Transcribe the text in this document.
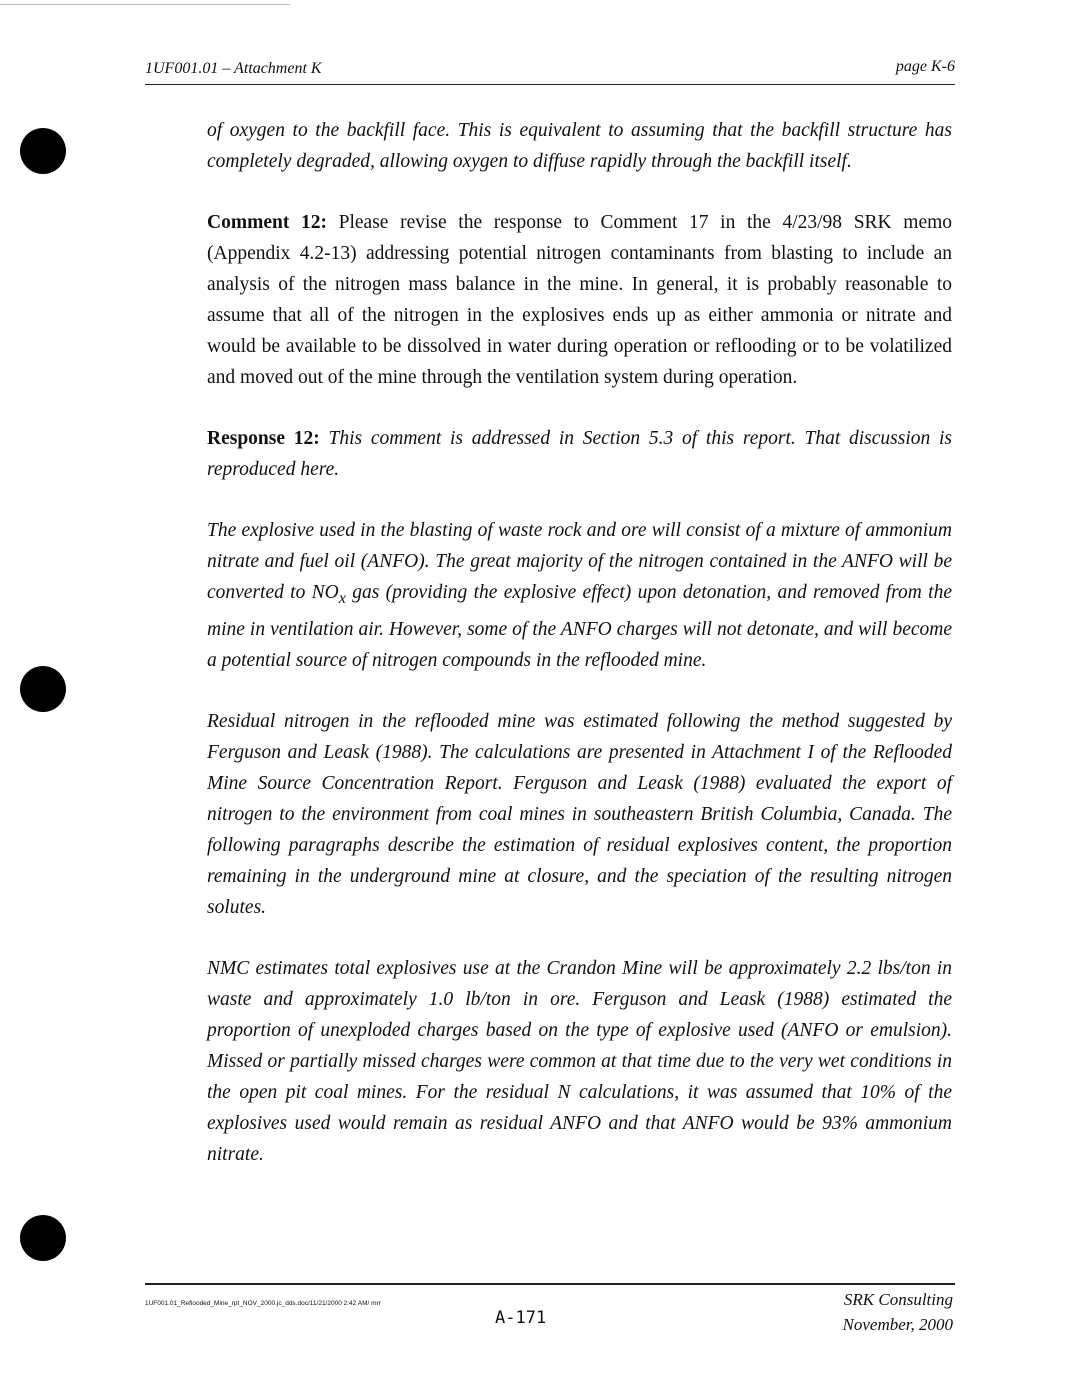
1UF001.01 – Attachment K	page K-6

of oxygen to the backfill face. This is equivalent to assuming that the backfill structure has completely degraded, allowing oxygen to diffuse rapidly through the backfill itself.

Comment 12: Please revise the response to Comment 17 in the 4/23/98 SRK memo (Appendix 4.2-13) addressing potential nitrogen contaminants from blasting to include an analysis of the nitrogen mass balance in the mine. In general, it is probably reasonable to assume that all of the nitrogen in the explosives ends up as either ammonia or nitrate and would be available to be dissolved in water during operation or reflooding or to be volatilized and moved out of the mine through the ventilation system during operation.

Response 12: This comment is addressed in Section 5.3 of this report. That discussion is reproduced here.

The explosive used in the blasting of waste rock and ore will consist of a mixture of ammonium nitrate and fuel oil (ANFO). The great majority of the nitrogen contained in the ANFO will be converted to $NO_x$ gas (providing the explosive effect) upon detonation, and removed from the mine in ventilation air. However, some of the ANFO charges will not detonate, and will become a potential source of nitrogen compounds in the reflooded mine.

Residual nitrogen in the reflooded mine was estimated following the method suggested by Ferguson and Leask (1988). The calculations are presented in Attachment I of the Reflooded Mine Source Concentration Report. Ferguson and Leask (1988) evaluated the export of nitrogen to the environment from coal mines in southeastern British Columbia, Canada. The following paragraphs describe the estimation of residual explosives content, the proportion remaining in the underground mine at closure, and the speciation of the resulting nitrogen solutes.

NMC estimates total explosives use at the Crandon Mine will be approximately 2.2 lbs/ton in waste and approximately 1.0 lb/ton in ore. Ferguson and Leask (1988) estimated the proportion of unexploded charges based on the type of explosive used (ANFO or emulsion). Missed or partially missed charges were common at that time due to the very wet conditions in the open pit coal mines. For the residual N calculations, it was assumed that 10% of the explosives used would remain as residual ANFO and that ANFO would be 93% ammonium nitrate.

1UF001.01_Reflooded_Mine_rpt_NOV_2000.jc_dds.doc/11/21/2000 2:42 AM/ mrr
A-171
SRK Consulting
November, 2000
